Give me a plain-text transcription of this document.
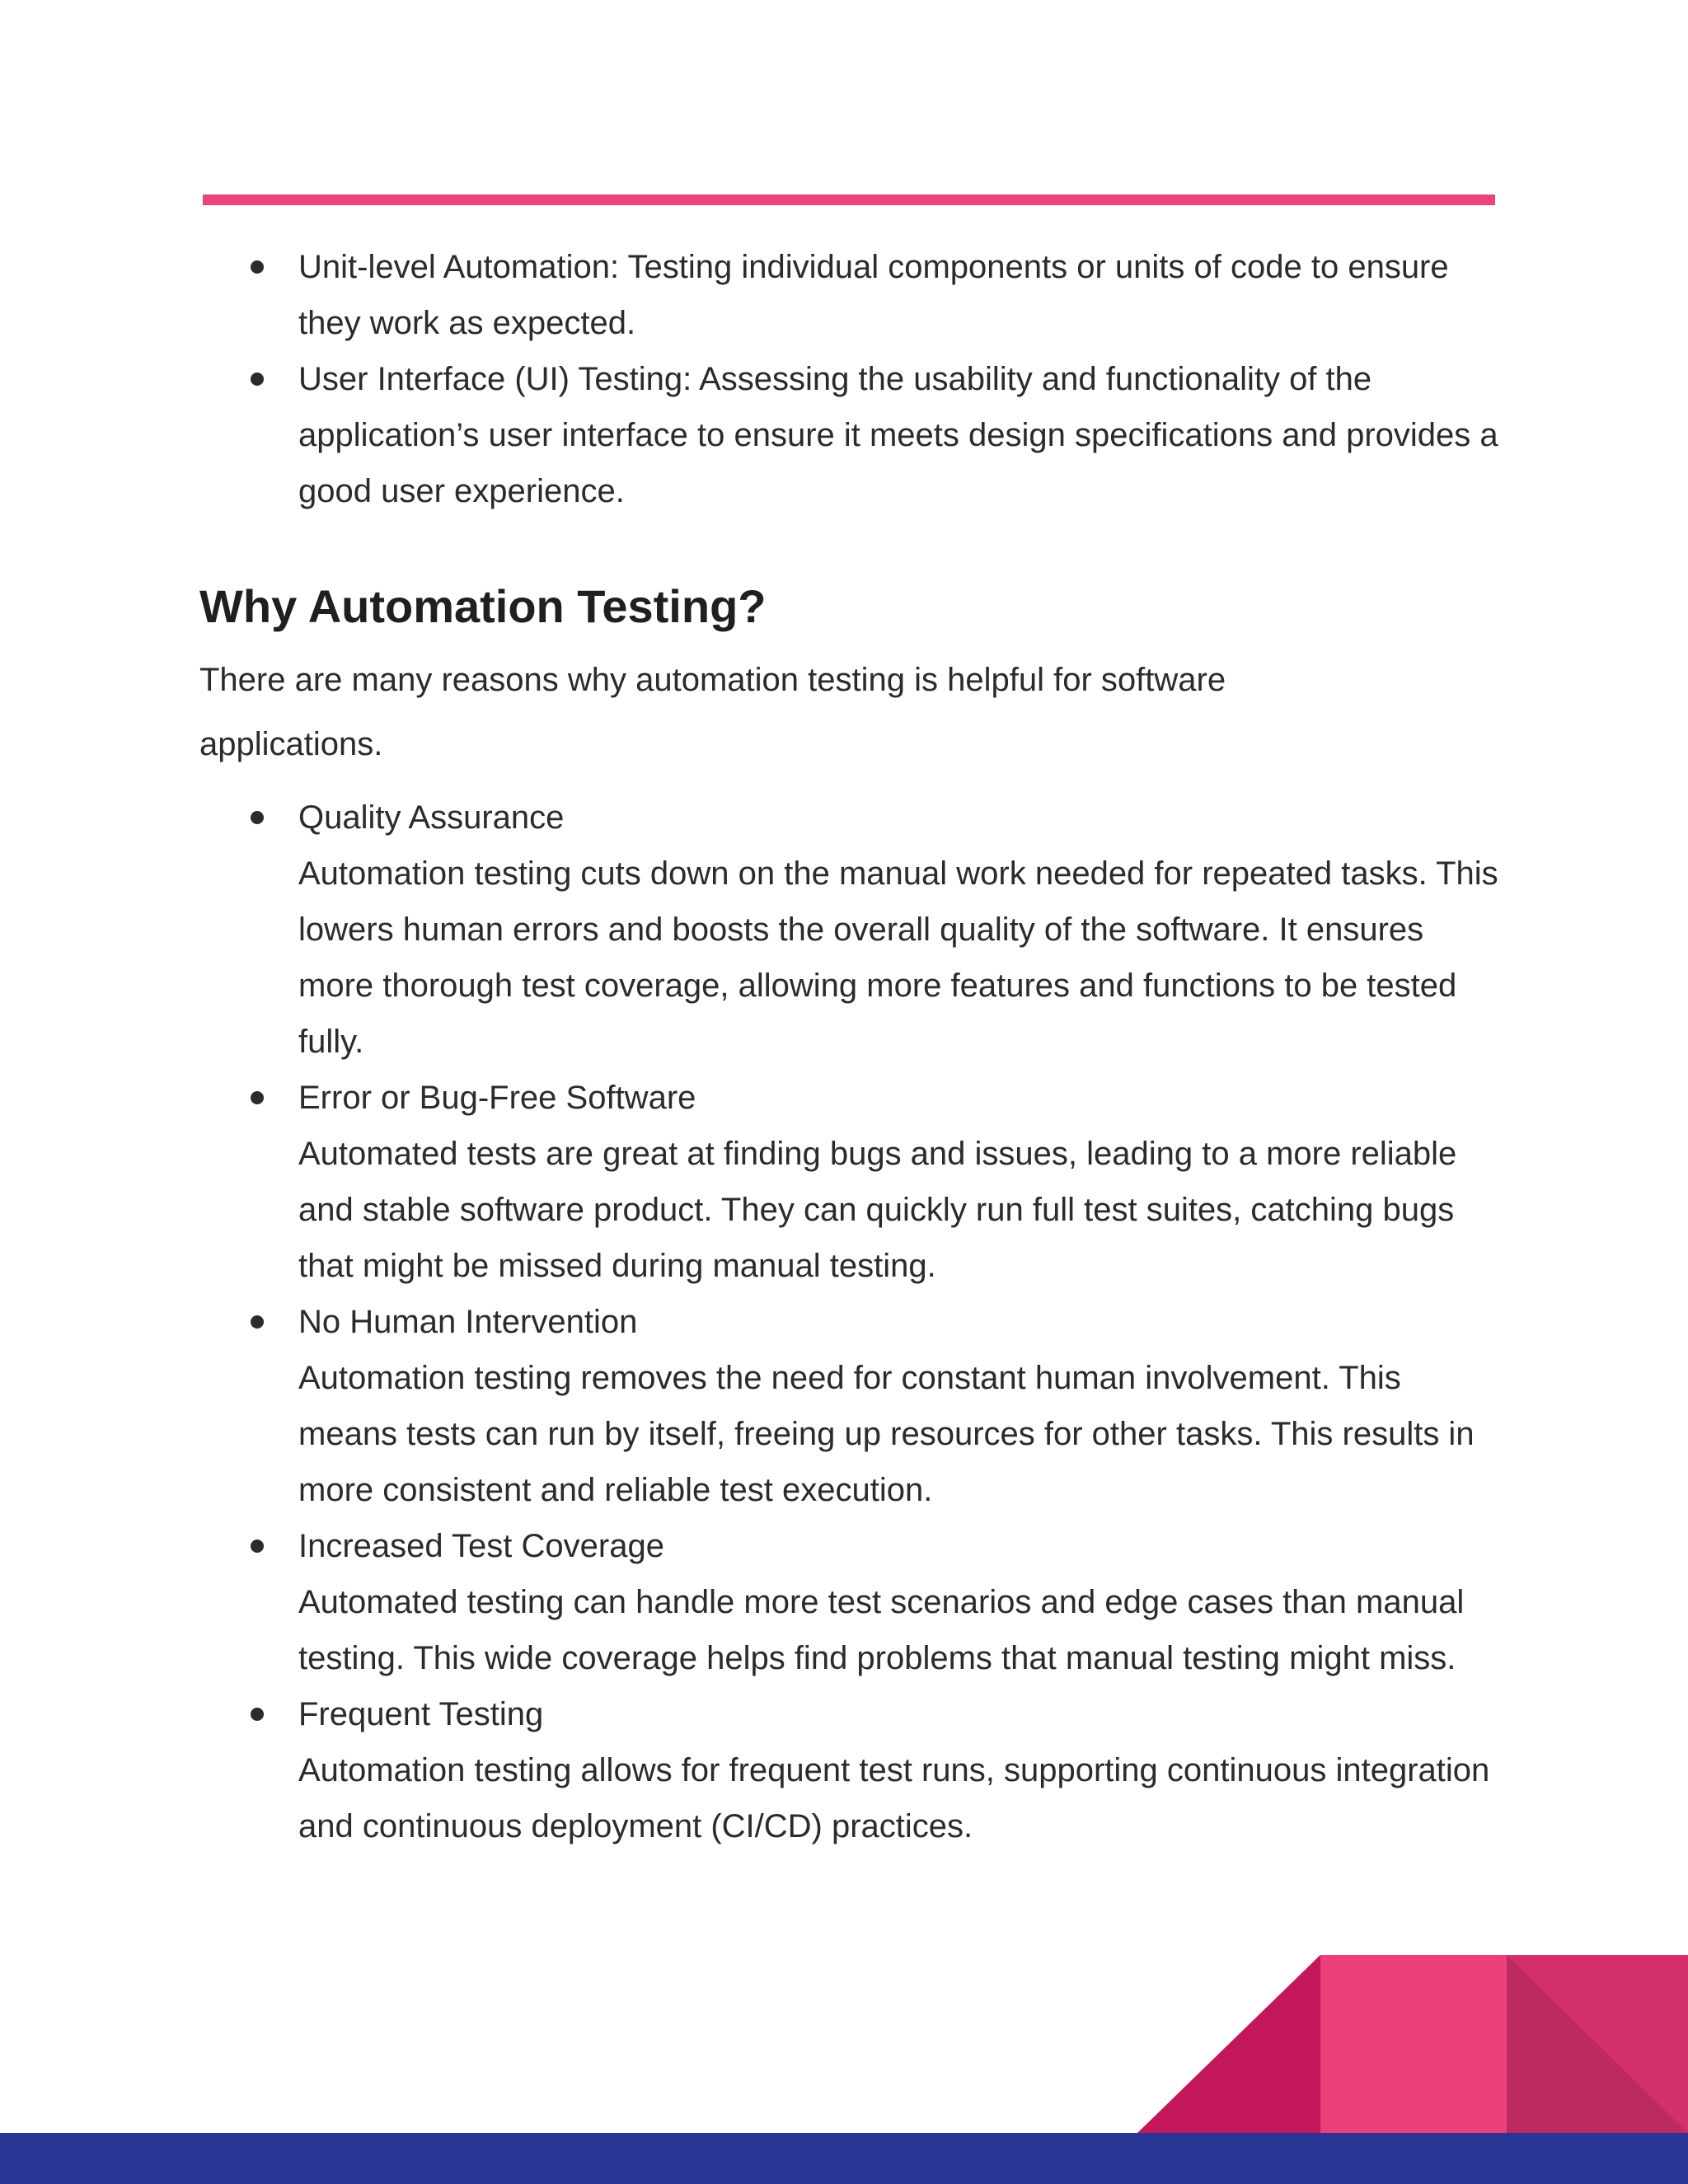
Unit-level Automation: Testing individual components or units of code to ensure they work as expected.
User Interface (UI) Testing: Assessing the usability and functionality of the application’s user interface to ensure it meets design specifications and provides a good user experience.
Why Automation Testing?

There are many reasons why automation testing is helpful for software applications.

Quality Assurance
Automation testing cuts down on the manual work needed for repeated tasks. This lowers human errors and boosts the overall quality of the software. It ensures more thorough test coverage, allowing more features and functions to be tested fully.
Error or Bug-Free Software
Automated tests are great at finding bugs and issues, leading to a more reliable and stable software product. They can quickly run full test suites, catching bugs that might be missed during manual testing.
No Human Intervention
Automation testing removes the need for constant human involvement. This means tests can run by itself, freeing up resources for other tasks. This results in more consistent and reliable test execution.
Increased Test Coverage
Automated testing can handle more test scenarios and edge cases than manual testing. This wide coverage helps find problems that manual testing might miss.
Frequent Testing
Automation testing allows for frequent test runs, supporting continuous integration and continuous deployment (CI/CD) practices.
